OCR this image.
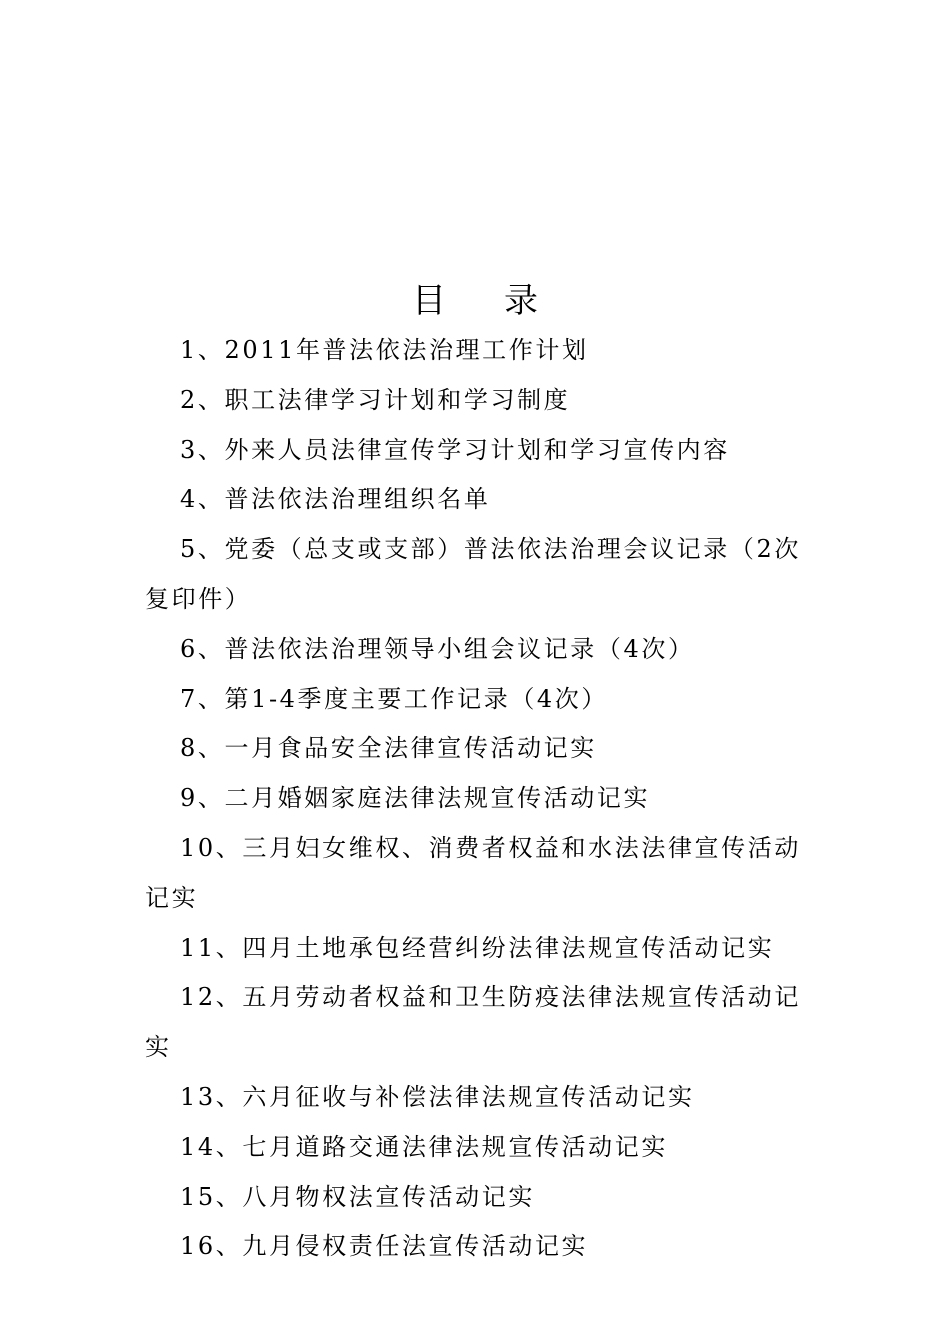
目 录
1、2011年普法依法治理工作计划
2、职工法律学习计划和学习制度
3、外来人员法律宣传学习计划和学习宣传内容
4、普法依法治理组织名单
5、党委（总支或支部）普法依法治理会议记录（2次复印件）
6、普法依法治理领导小组会议记录（4次）
7、第1-4季度主要工作记录（4次）
8、一月食品安全法律宣传活动记实
9、二月婚姻家庭法律法规宣传活动记实
10、三月妇女维权、消费者权益和水法法律宣传活动记实
11、四月土地承包经营纠纷法律法规宣传活动记实
12、五月劳动者权益和卫生防疫法律法规宣传活动记实
13、六月征收与补偿法律法规宣传活动记实
14、七月道路交通法律法规宣传活动记实
15、八月物权法宣传活动记实
16、九月侵权责任法宣传活动记实
